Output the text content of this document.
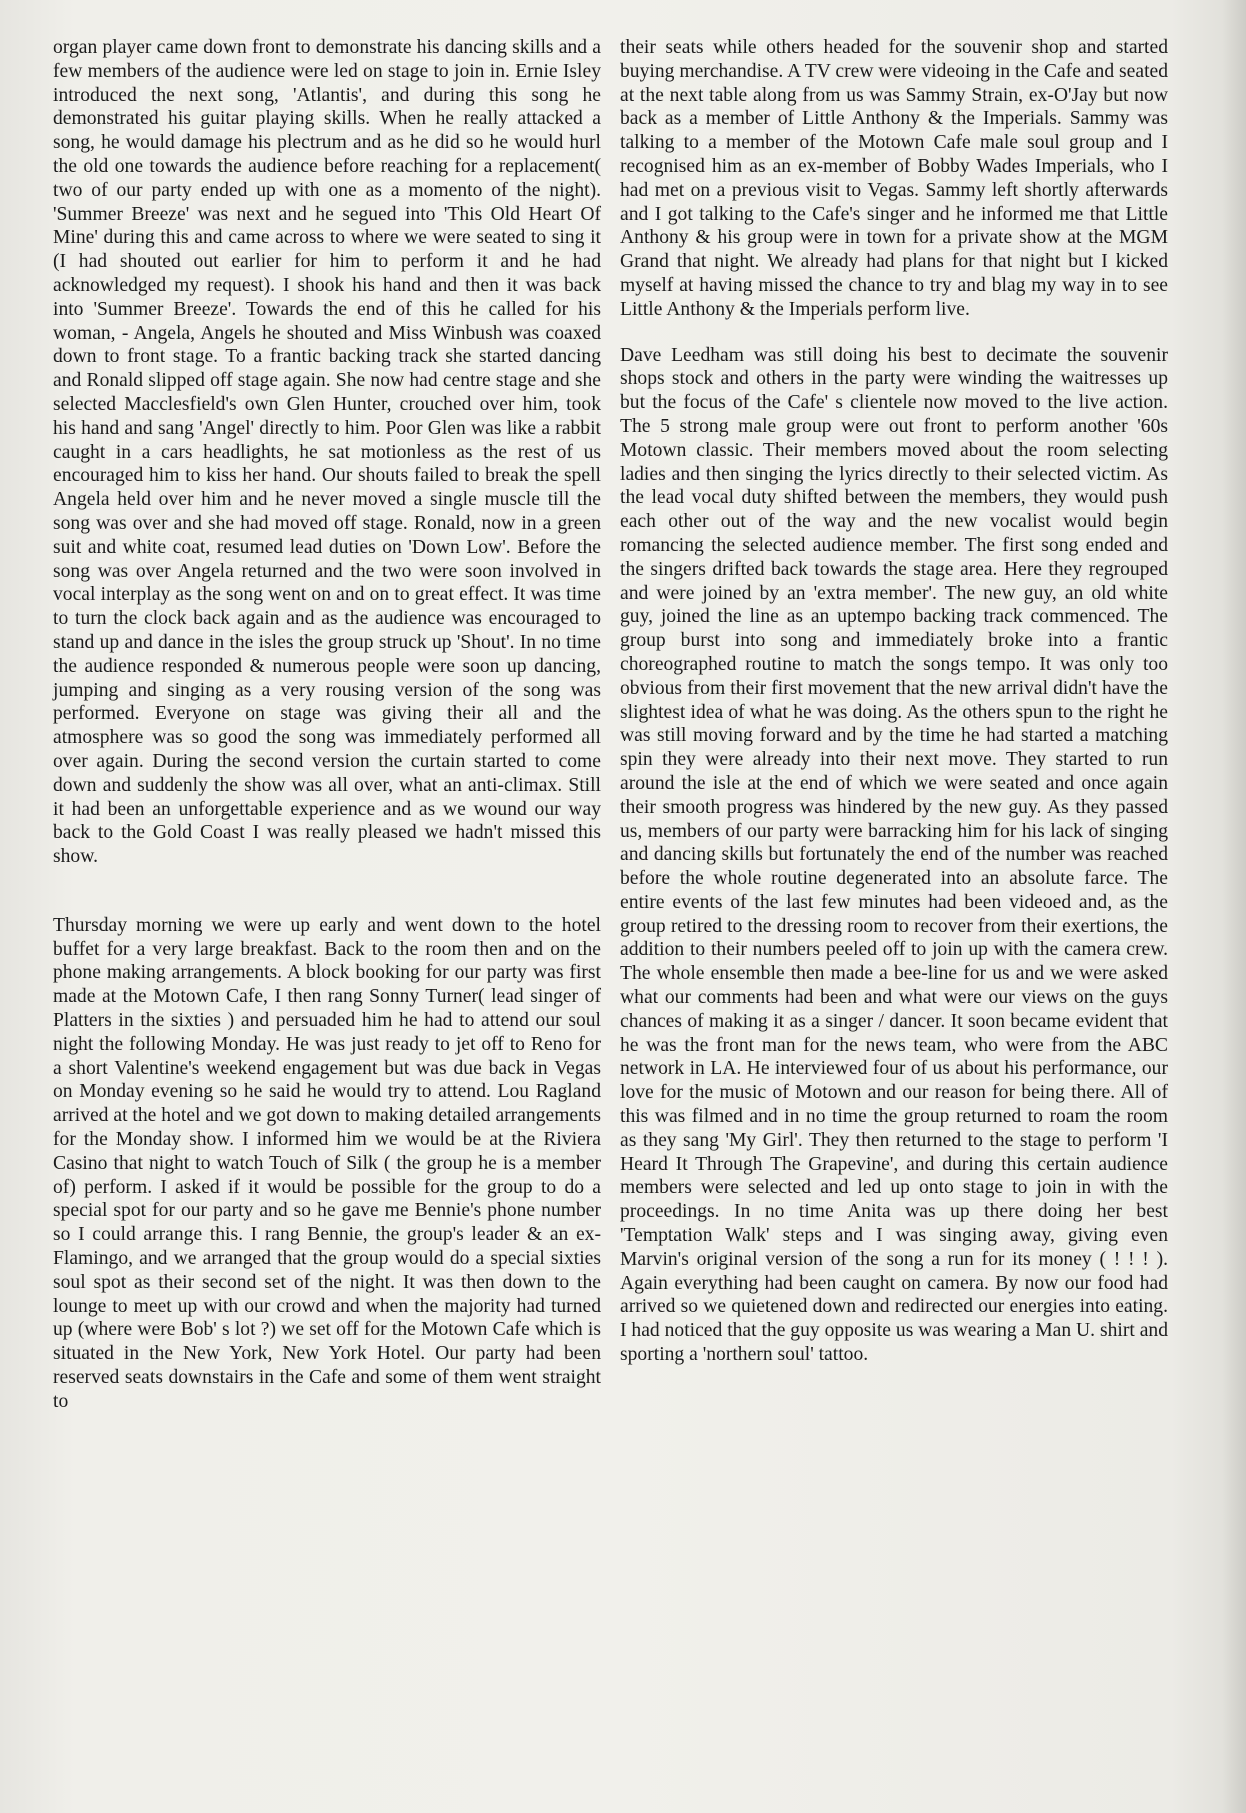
organ player came down front to demonstrate his dancing skills and a few members of the audience were led on stage to join in. Ernie Isley introduced the next song, 'Atlantis', and during this song he demonstrated his guitar playing skills. When he really attacked a song, he would damage his plectrum and as he did so he would hurl the old one towards the audience before reaching for a replacement( two of our party ended up with one as a momento of the night). 'Summer Breeze' was next and he segued into 'This Old Heart Of Mine' during this and came across to where we were seated to sing it (I had shouted out earlier for him to perform it and he had acknowledged my request). I shook his hand and then it was back into 'Summer Breeze'. Towards the end of this he called for his woman, - Angela, Angels he shouted and Miss Winbush was coaxed down to front stage. To a frantic backing track she started dancing and Ronald slipped off stage again. She now had centre stage and she selected Macclesfield's own Glen Hunter, crouched over him, took his hand and sang 'Angel' directly to him. Poor Glen was like a rabbit caught in a cars headlights, he sat motionless as the rest of us encouraged him to kiss her hand. Our shouts failed to break the spell Angela held over him and he never moved a single muscle till the song was over and she had moved off stage. Ronald, now in a green suit and white coat, resumed lead duties on 'Down Low'. Before the song was over Angela returned and the two were soon involved in vocal interplay as the song went on and on to great effect. It was time to turn the clock back again and as the audience was encouraged to stand up and dance in the isles the group struck up 'Shout'. In no time the audience responded & numerous people were soon up dancing, jumping and singing as a very rousing version of the song was performed. Everyone on stage was giving their all and the atmosphere was so good the song was immediately performed all over again. During the second version the curtain started to come down and suddenly the show was all over, what an anti-climax. Still it had been an unforgettable experience and as we wound our way back to the Gold Coast I was really pleased we hadn't missed this show.

Thursday morning we were up early and went down to the hotel buffet for a very large breakfast. Back to the room then and on the phone making arrangements. A block booking for our party was first made at the Motown Cafe, I then rang Sonny Turner( lead singer of Platters in the sixties ) and persuaded him he had to attend our soul night the following Monday. He was just ready to jet off to Reno for a short Valentine's weekend engagement but was due back in Vegas on Monday evening so he said he would try to attend. Lou Ragland arrived at the hotel and we got down to making detailed arrangements for the Monday show. I informed him we would be at the Riviera Casino that night to watch Touch of Silk ( the group he is a member of) perform. I asked if it would be possible for the group to do a special spot for our party and so he gave me Bennie's phone number so I could arrange this. I rang Bennie, the group's leader & an ex-Flamingo, and we arranged that the group would do a special sixties soul spot as their second set of the night. It was then down to the lounge to meet up with our crowd and when the majority had turned up (where were Bob' s lot ?) we set off for the Motown Cafe which is situated in the New York, New York Hotel. Our party had been reserved seats downstairs in the Cafe and some of them went straight to

their seats while others headed for the souvenir shop and started buying merchandise. A TV crew were videoing in the Cafe and seated at the next table along from us was Sammy Strain, ex-O'Jay but now back as a member of Little Anthony & the Imperials. Sammy was talking to a member of the Motown Cafe male soul group and I recognised him as an ex-member of Bobby Wades Imperials, who I had met on a previous visit to Vegas. Sammy left shortly afterwards and I got talking to the Cafe's singer and he informed me that Little Anthony & his group were in town for a private show at the MGM Grand that night. We already had plans for that night but I kicked myself at having missed the chance to try and blag my way in to see Little Anthony & the Imperials perform live.

Dave Leedham was still doing his best to decimate the souvenir shops stock and others in the party were winding the waitresses up but the focus of the Cafe' s clientele now moved to the live action. The 5 strong male group were out front to perform another '60s Motown classic. Their members moved about the room selecting ladies and then singing the lyrics directly to their selected victim. As the lead vocal duty shifted between the members, they would push each other out of the way and the new vocalist would begin romancing the selected audience member. The first song ended and the singers drifted back towards the stage area. Here they regrouped and were joined by an 'extra member'. The new guy, an old white guy, joined the line as an uptempo backing track commenced. The group burst into song and immediately broke into a frantic choreographed routine to match the songs tempo. It was only too obvious from their first movement that the new arrival didn't have the slightest idea of what he was doing. As the others spun to the right he was still moving forward and by the time he had started a matching spin they were already into their next move. They started to run around the isle at the end of which we were seated and once again their smooth progress was hindered by the new guy. As they passed us, members of our party were barracking him for his lack of singing and dancing skills but fortunately the end of the number was reached before the whole routine degenerated into an absolute farce. The entire events of the last few minutes had been videoed and, as the group retired to the dressing room to recover from their exertions, the addition to their numbers peeled off to join up with the camera crew. The whole ensemble then made a bee-line for us and we were asked what our comments had been and what were our views on the guys chances of making it as a singer / dancer. It soon became evident that he was the front man for the news team, who were from the ABC network in LA. He interviewed four of us about his performance, our love for the music of Motown and our reason for being there. All of this was filmed and in no time the group returned to roam the room as they sang 'My Girl'. They then returned to the stage to perform 'I Heard It Through The Grapevine', and during this certain audience members were selected and led up onto stage to join in with the proceedings. In no time Anita was up there doing her best 'Temptation Walk' steps and I was singing away, giving even Marvin's original version of the song a run for its money ( ! ! ! ). Again everything had been caught on camera. By now our food had arrived so we quietened down and redirected our energies into eating. I had noticed that the guy opposite us was wearing a Man U. shirt and sporting a 'northern soul' tattoo.
